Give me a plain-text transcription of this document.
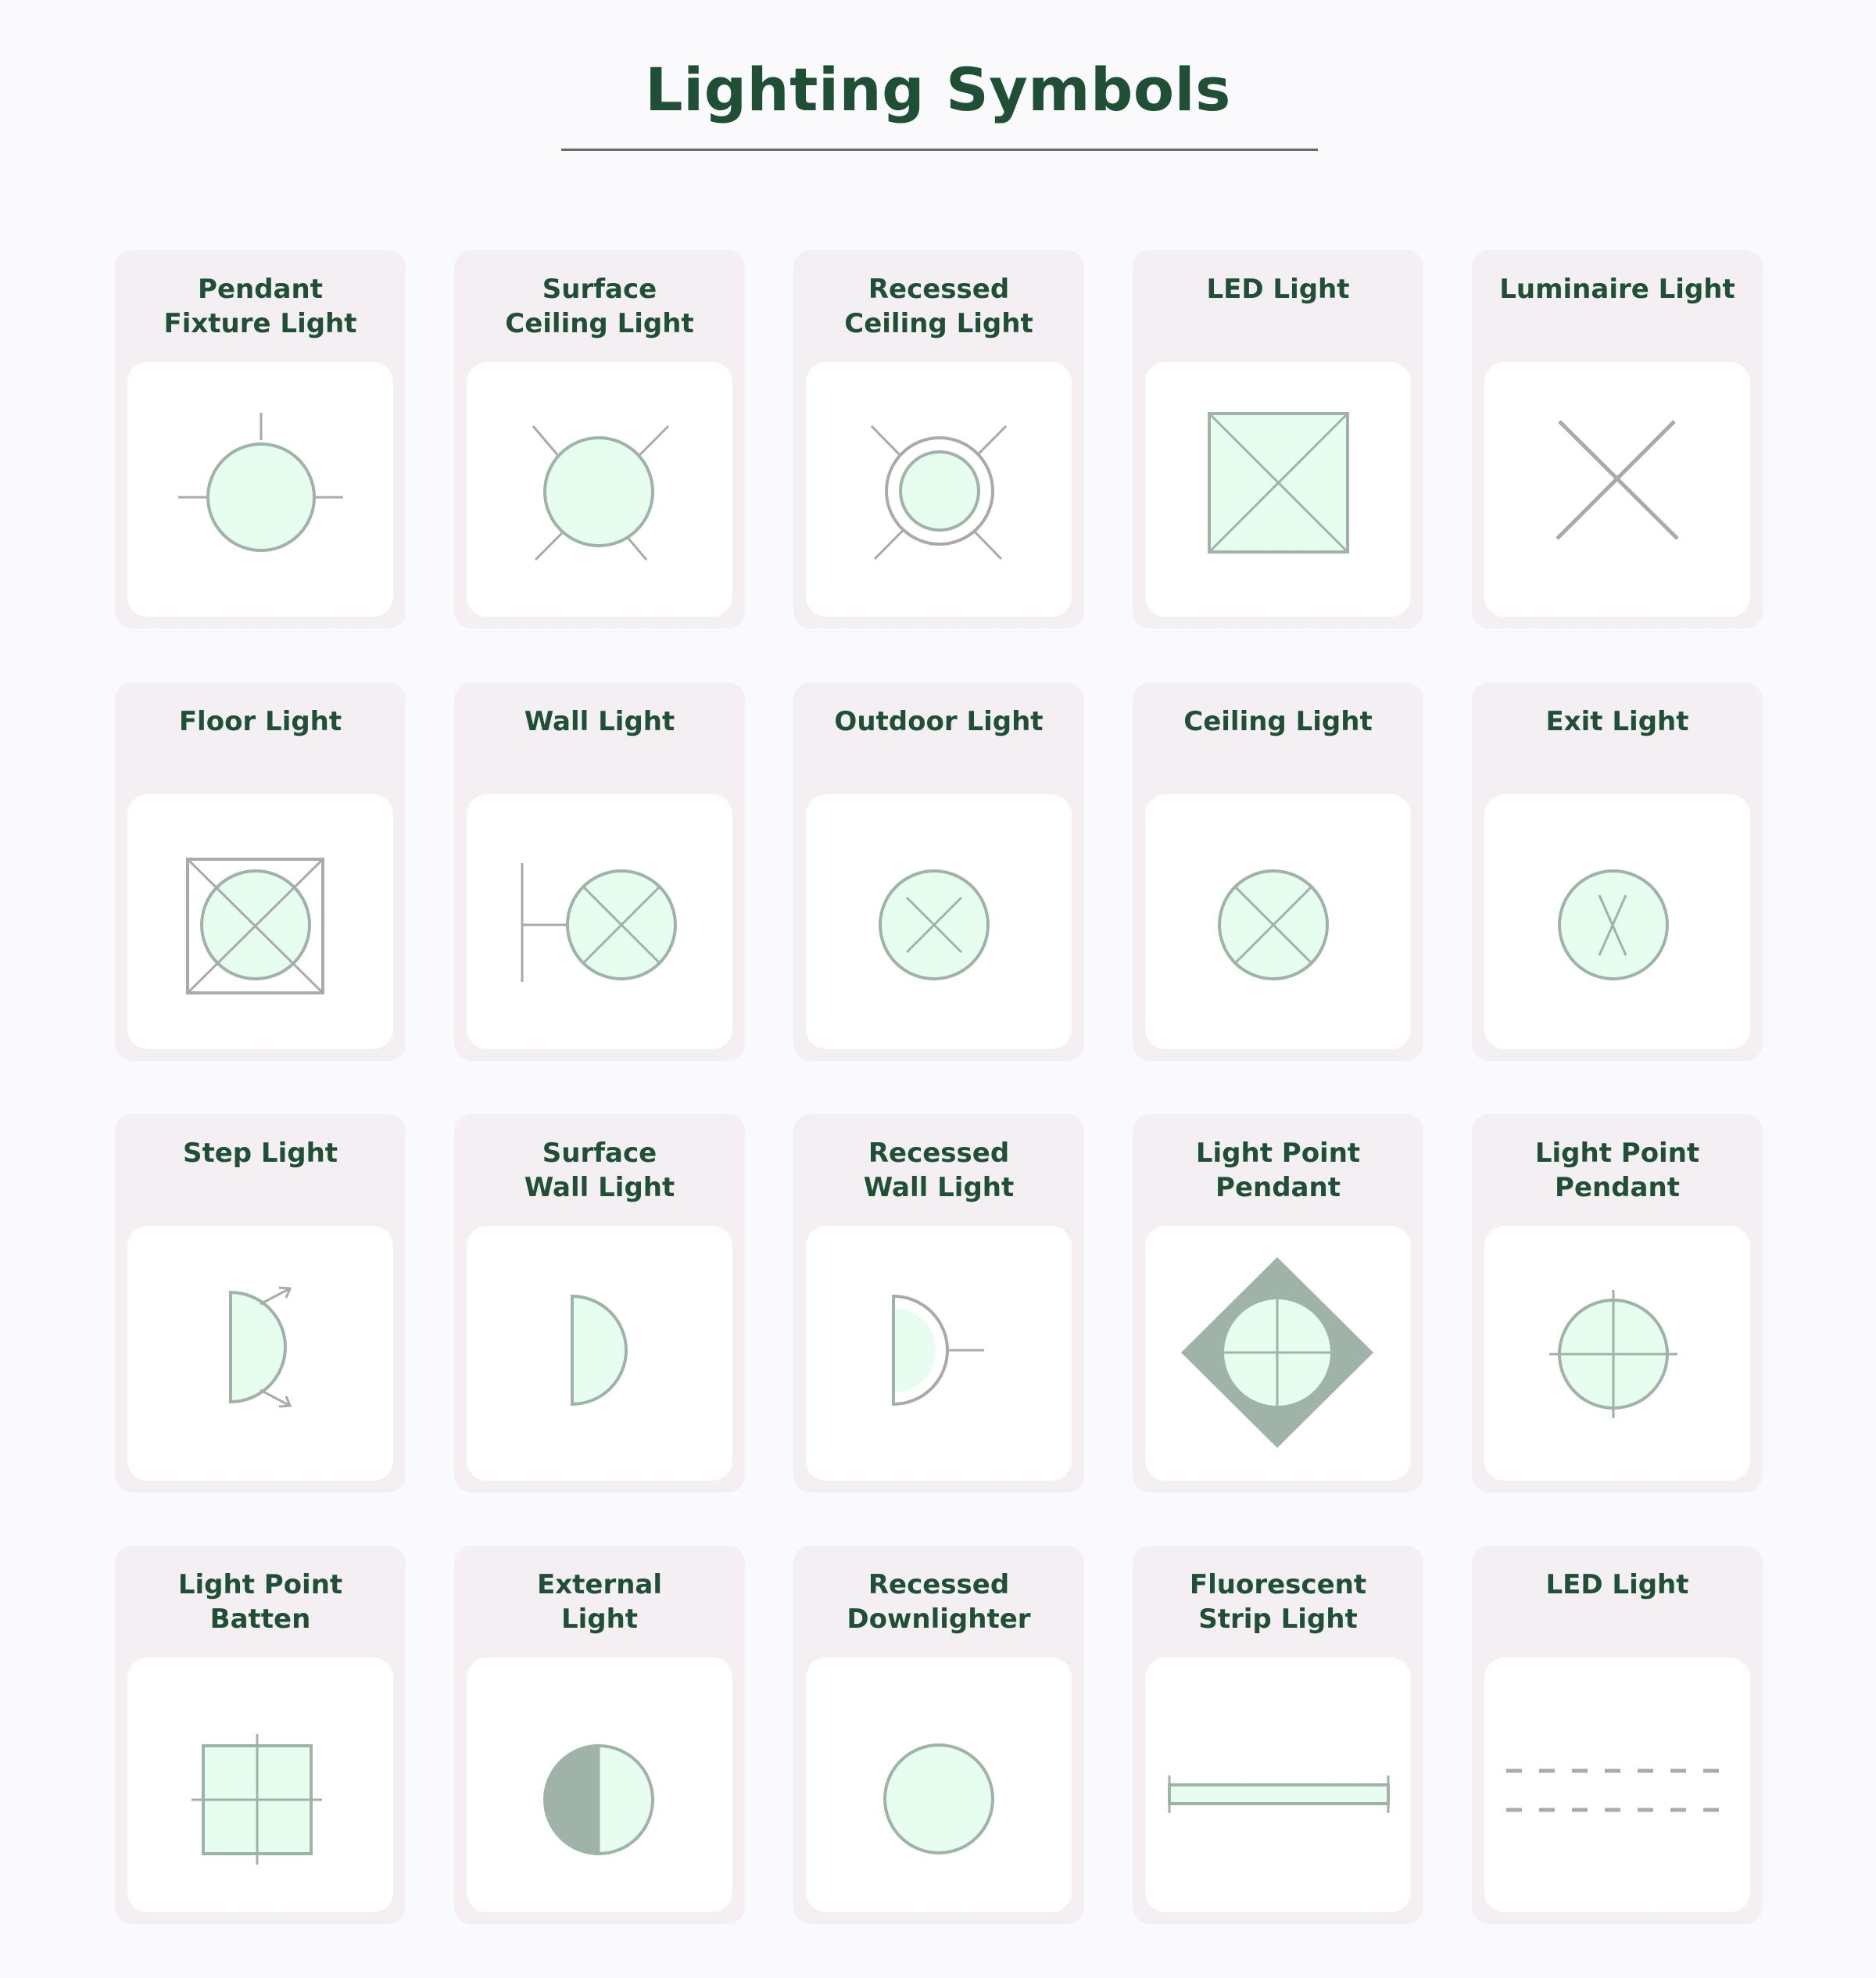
Lighting Symbols
Pendant
Fixture Light
Surface
Ceiling Light
Recessed
Ceiling Light
LED Light	Luminaire Light
Floor Light	Wall Light	Outdoor Light	Ceiling Light	Exit Light
Step Light	Surface
Wall Light
Recessed
Wall Light
Light Point
Pendant
Light Point
Pendant
Light Point
Batten
External
Light
Recessed
Downlighter
Fluorescent
Strip Light
LED Light
